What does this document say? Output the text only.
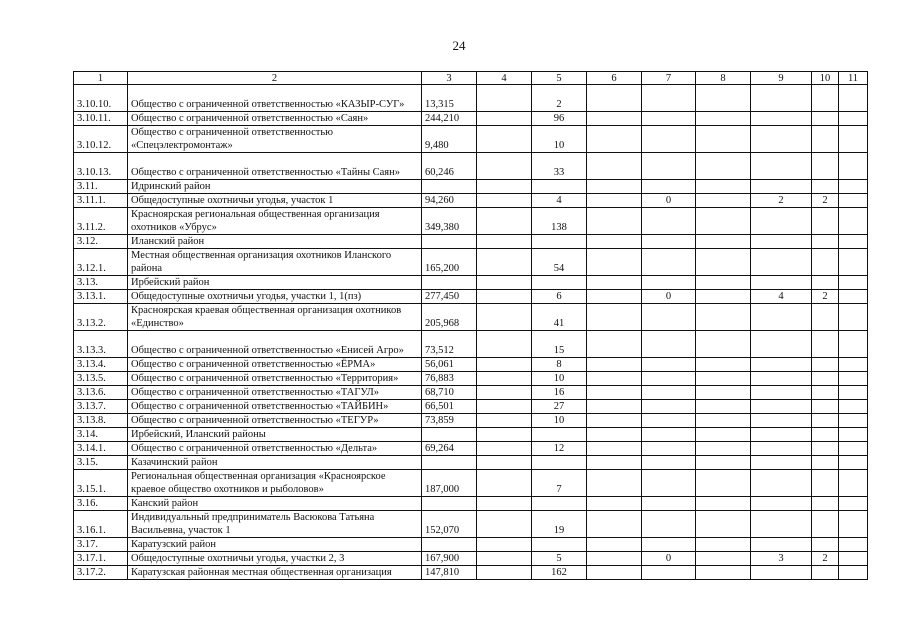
24
1	2	3	4	5	6	7	8	9	10	11
3.10.10.	Общество с ограниченной ответственностью «КАЗЫР-СУГ»	13,315		2						
3.10.11.	Общество с ограниченной ответственностью «Саян»	244,210		96						
3.10.12.	Общество с ограниченной ответственностью «Спецэлектромонтаж»	9,480		10						
3.10.13.	Общество с ограниченной ответственностью «Тайны Саян»	60,246		33						
3.11.	Идринский район									
3.11.1.	Общедоступные охотничьи угодья, участок 1	94,260		4		0		2	2	
3.11.2.	Красноярская региональная общественная организация охотников «Убрус»	349,380		138						
3.12.	Иланский район									
3.12.1.	Местная общественная организация охотников Иланского района	165,200		54						
3.13.	Ирбейский район									
3.13.1.	Общедоступные охотничьи угодья, участки 1, 1(пз)	277,450		6		0		4	2	
3.13.2.	Красноярская краевая общественная организация охотников «Единство»	205,968		41						
3.13.3.	Общество с ограниченной ответственностью «Енисей Агро»	73,512		15						
3.13.4.	Общество с ограниченной ответственностью «ЁРМА»	56,061		8						
3.13.5.	Общество с ограниченной ответственностью «Территория»	76,883		10						
3.13.6.	Общество с ограниченной ответственностью «ТАГУЛ»	68,710		16						
3.13.7.	Общество с ограниченной ответственностью «ТАЙБИН»	66,501		27						
3.13.8.	Общество с ограниченной ответственностью «ТЕГУР»	73,859		10						
3.14.	Ирбейский, Иланский районы									
3.14.1.	Общество с ограниченной ответственностью «Дельта»	69,264		12						
3.15.	Казачинский район									
3.15.1.	Региональная общественная организация «Красноярское краевое общество охотников и рыболовов»	187,000		7						
3.16.	Канский район									
3.16.1.	Индивидуальный предприниматель Васюкова Татьяна Васильевна, участок 1	152,070		19						
3.17.	Каратузский район									
3.17.1.	Общедоступные охотничьи угодья, участки 2, 3	167,900		5		0		3	2	
3.17.2.	Каратузская районная местная общественная организация	147,810		162						
